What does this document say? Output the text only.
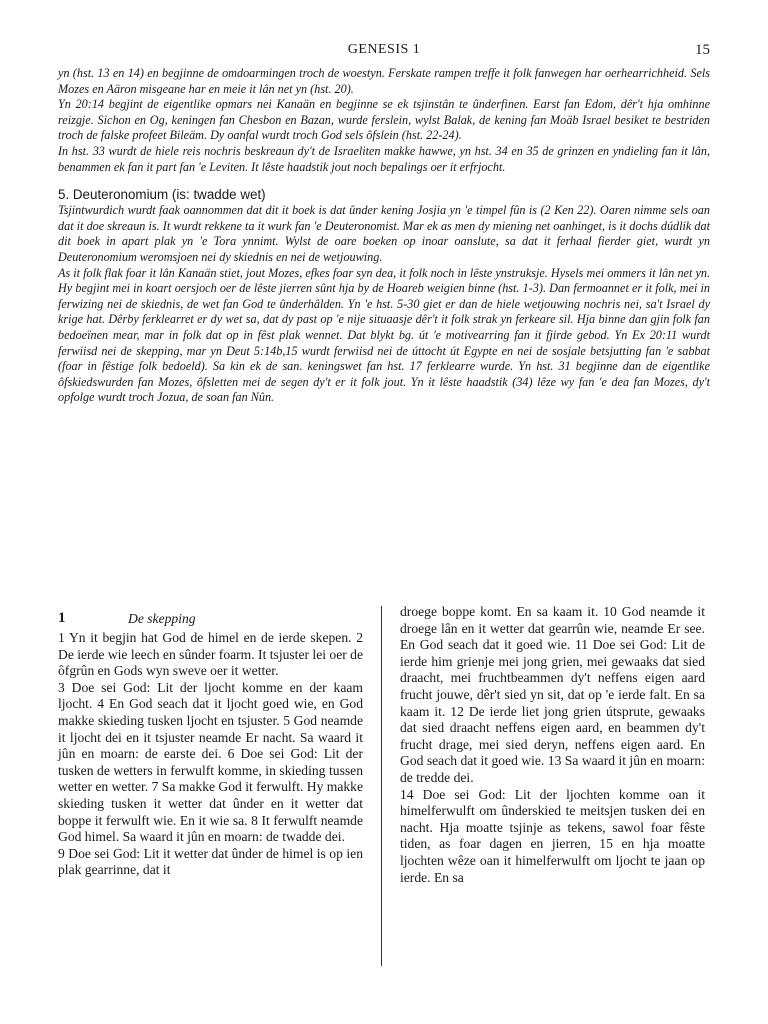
GENESIS 1	15

yn (hst. 13 en 14) en begjinne de omdoarmingen troch de woestyn. Ferskate rampen treffe it folk fanwegen har oerhearrichheid. Sels Mozes en Aäron misgeane har en meie it lân net yn (hst. 20).

Yn 20:14 begjint de eigentlike opmars nei Kanaän en begjinne se ek tsjinstân te ûnderfinen. Earst fan Edom, dêr't hja omhinne reizgje. Sichon en Og, keningen fan Chesbon en Bazan, wurde ferslein, wylst Balak, de kening fan Moäb Israel besiket te bestriden troch de falske profeet Bileäm. Dy oanfal wurdt troch God sels ôfslein (hst. 22-24).

In hst. 33 wurdt de hiele reis nochris beskreaun dy't de Israeliten makke hawwe, yn hst. 34 en 35 de grinzen en yndieling fan it lân, benammen ek fan it part fan 'e Leviten. It lêste haadstik jout noch bepalings oer it erfrjocht.

5. Deuteronomium (is: twadde wet)

Tsjintwurdich wurdt faak oannommen dat dit it boek is dat ûnder kening Josjia yn 'e timpel fûn is (2 Ken 22). Oaren nimme sels oan dat it doe skreaun is. It wurdt rekkene ta it wurk fan 'e Deuteronomist. Mar ek as men dy miening net oanhinget, is it dochs dúdlik dat dit boek in apart plak yn 'e Tora ynnimt. Wylst de oare boeken op inoar oanslute, sa dat it ferhaal fierder giet, wurdt yn Deuteronomium weromsjoen nei dy skiednis en nei de wetjouwing.

As it folk flak foar it lân Kanaän stiet, jout Mozes, efkes foar syn dea, it folk noch in lêste ynstruksje. Hysels mei ommers it lân net yn. Hy begjint mei in koart oersjoch oer de lêste jierren sûnt hja by de Hoareb weigien binne (hst. 1-3). Dan fermoannet er it folk, mei in ferwizing nei de skiednis, de wet fan God te ûnderhâlden. Yn 'e hst. 5-30 giet er dan de hiele wetjouwing nochris nei, sa't Israel dy krige hat. Dêrby ferklearret er dy wet sa, dat dy past op 'e nije situaasje dêr't it folk strak yn ferkeare sil. Hja binne dan gjin folk fan bedoeïnen mear, mar in folk dat op in fêst plak wennet. Dat blykt bg. út 'e motivearring fan it fjirde gebod. Yn Ex 20:11 wurdt ferwiisd nei de skepping, mar yn Deut 5:14b,15 wurdt ferwiisd nei de úttocht út Egypte en nei de sosjale betsjutting fan 'e sabbat (foar in fêstige folk bedoeld). Sa kin ek de san. keningswet fan hst. 17 ferklearre wurde. Yn hst. 31 begjinne dan de eigentlike ôfskiedswurden fan Mozes, ôfsletten mei de segen dy't er it folk jout. Yn it lêste haadstik (34) lêze wy fan 'e dea fan Mozes, dy't opfolge wurdt troch Jozua, de soan fan Nûn.

1	De skepping

1 Yn it begjin hat God de himel en de ierde skepen. 2 De ierde wie leech en sûnder foarm. It tsjuster lei oer de ôfgrûn en Gods wyn sweve oer it wetter.

3 Doe sei God: Lit der ljocht komme en der kaam ljocht. 4 En God seach dat it ljocht goed wie, en God makke skieding tusken ljocht en tsjuster. 5 God neamde it ljocht dei en it tsjuster neamde Er nacht. Sa waard it jûn en moarn: de earste dei. 6 Doe sei God: Lit der tusken de wetters in ferwulft komme, in skieding tussen wetter en wetter. 7 Sa makke God it ferwulft. Hy makke skieding tusken it wetter dat ûnder en it wetter dat boppe it ferwulft wie. En it wie sa. 8 It ferwulft neamde God himel. Sa waard it jûn en moarn: de twadde dei.

9 Doe sei God: Lit it wetter dat ûnder de himel is op ien plak gearrinne, dat it

droege boppe komt. En sa kaam it. 10 God neamde it droege lân en it wetter dat gearrûn wie, neamde Er see. En God seach dat it goed wie. 11 Doe sei God: Lit de ierde him grienje mei jong grien, mei gewaaks dat sied draacht, mei fruchtbeammen dy't neffens eigen aard frucht jouwe, dêr't sied yn sit, dat op 'e ierde falt. En sa kaam it. 12 De ierde liet jong grien útsprute, gewaaks dat sied draacht neffens eigen aard, en beammen dy't frucht drage, mei sied deryn, neffens eigen aard. En God seach dat it goed wie. 13 Sa waard it jûn en moarn: de tredde dei.

14 Doe sei God: Lit der ljochten komme oan it himelferwulft om ûnderskied te meitsjen tusken dei en nacht. Hja moatte tsjinje as tekens, sawol foar fêste tiden, as foar dagen en jierren, 15 en hja moatte ljochten wêze oan it himelferwulft om ljocht te jaan op ierde. En sa
